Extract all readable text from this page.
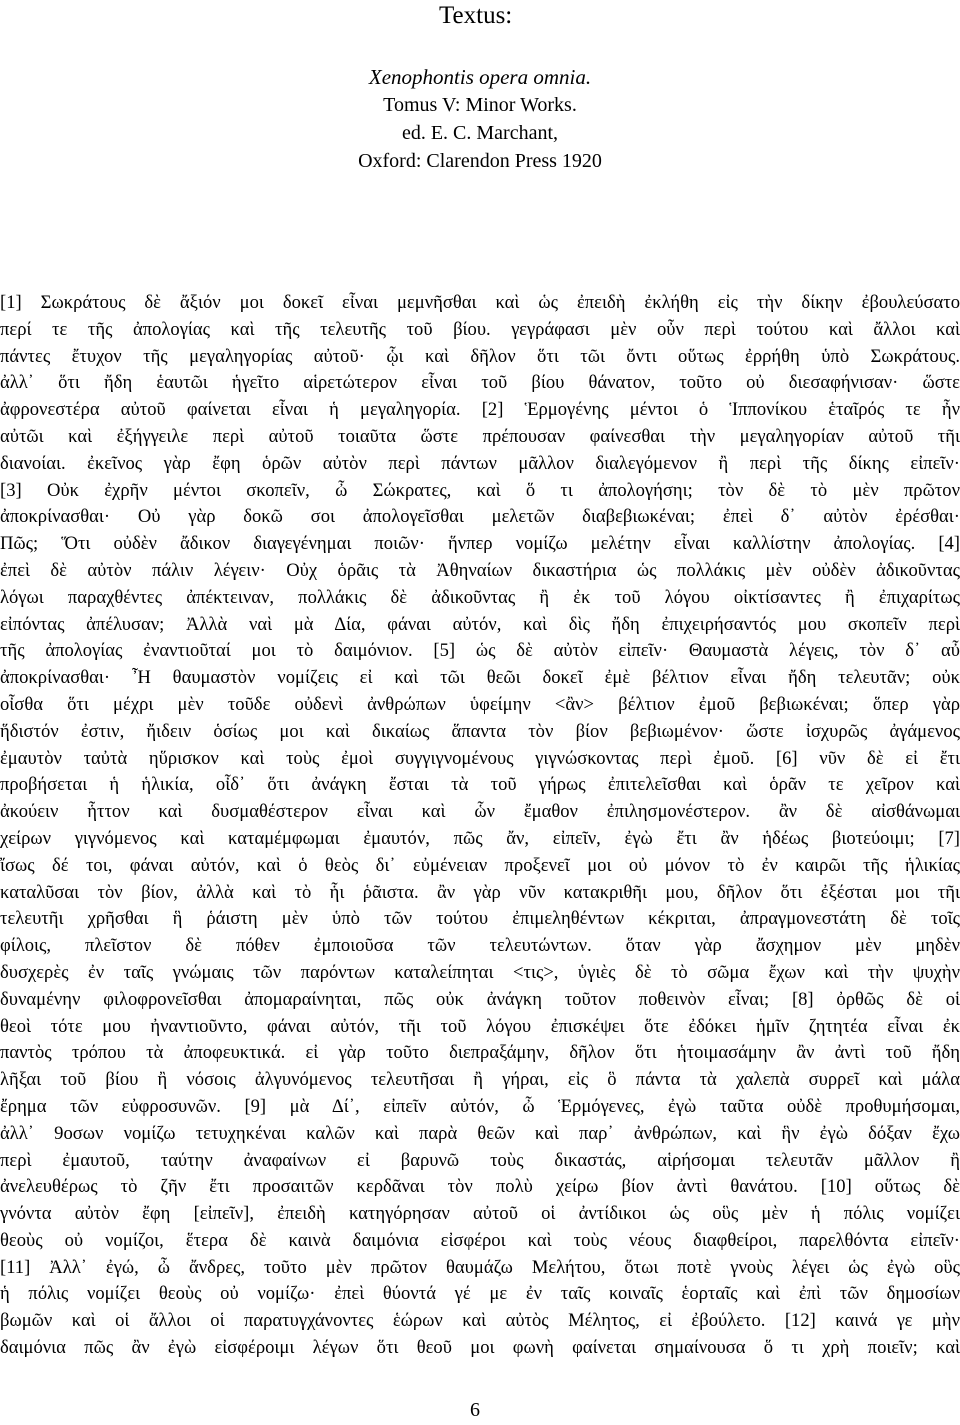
Textus:
Xenophontis opera omnia.
Tomus V: Minor Works.
ed. E. C. Marchant,
Oxford: Clarendon Press 1920
[1] Σωκράτους δὲ ἄξιόν μοι δοκεῖ εἶναι μεμνῆσθαι καὶ ὡς ἐπειδὴ ἐκλήθη εἰς τὴν δίκην ἐβουλεύσατο
περί τε τῆς ἀπολογίας καὶ τῆς τελευτῆς τοῦ βίου. γεγράφασι μὲν οὖν περὶ τούτου καὶ ἄλλοι καὶ
πάντες ἔτυχον τῆς μεγαληγορίας αὐτοῦ· ᾧι καὶ δῆλον ὅτι τῶι ὄντι οὕτως ἐρρήθη ὑπὸ Σωκράτους.
ἀλλ᾽ ὅτι ἤδη ἑαυτῶι ἡγεῖτο αἱρετώτερον εἶναι τοῦ βίου θάνατον, τοῦτο οὐ διεσαφήνισαν· ὥστε
ἀφρονεστέρα αὐτοῦ φαίνεται εἶναι ἡ μεγαληγορία. [2] Ἑρμογένης μέντοι ὁ Ἱππονίκου ἑταῖρός τε ἦν
αὐτῶι καὶ ἐξήγγειλε περὶ αὐτοῦ τοιαῦτα ὥστε πρέπουσαν φαίνεσθαι τὴν μεγαληγορίαν αὐτοῦ τῆι
διανοίαι. ἐκεῖνος γὰρ ἔφη ὁρῶν αὐτὸν περὶ πάντων μᾶλλον διαλεγόμενον ἢ περὶ τῆς δίκης εἰπεῖν·
[3] Οὐκ ἐχρῆν μέντοι σκοπεῖν, ὦ Σώκρατες, καὶ ὅ τι ἀπολογήσηι; τὸν δὲ τὸ μὲν πρῶτον
ἀποκρίνασθαι· Οὐ γὰρ δοκῶ σοι ἀπολογεῖσθαι μελετῶν διαβεβιωκέναι; ἐπεὶ δ᾽ αὐτὸν ἐρέσθαι·
Πῶς; Ὅτι οὐδὲν ἄδικον διαγεγένημαι ποιῶν· ἥνπερ νομίζω μελέτην εἶναι καλλίστην ἀπολογίας. [4]
ἐπεὶ δὲ αὐτὸν πάλιν λέγειν· Οὐχ ὁρᾶις τὰ Ἀθηναίων δικαστήρια ὡς πολλάκις μὲν οὐδὲν ἀδικοῦντας
λόγωι παραχθέντες ἀπέκτειναν, πολλάκις δὲ ἀδικοῦντας ἢ ἐκ τοῦ λόγου οἰκτίσαντες ἢ ἐπιχαρίτως
εἰπόντας ἀπέλυσαν; Ἀλλὰ ναὶ μὰ Δία, φάναι αὐτόν, καὶ δὶς ἤδη ἐπιχειρήσαντός μου σκοπεῖν περὶ
τῆς ἀπολογίας ἐναντιοῦταί μοι τὸ δαιμόνιον. [5] ὡς δὲ αὐτὸν εἰπεῖν· Θαυμαστὰ λέγεις, τὸν δ᾽ αὖ
ἀποκρίνασθαι· Ἦ θαυμαστὸν νομίζεις εἰ καὶ τῶι θεῶι δοκεῖ ἐμὲ βέλτιον εἶναι ἤδη τελευτᾶν; οὐκ
οἶσθα ὅτι μέχρι μὲν τοῦδε οὐδενὶ ἀνθρώπων ὑφείμην <ἂν> βέλτιον ἐμοῦ βεβιωκέναι; ὅπερ γὰρ
ἥδιστόν ἐστιν, ἤιδειν ὁσίως μοι καὶ δικαίως ἅπαντα τὸν βίον βεβιωμένον· ὥστε ἰσχυρῶς ἀγάμενος
ἐμαυτὸν ταὐτὰ ηὕρισκον καὶ τοὺς ἐμοὶ συγγιγνομένους γιγνώσκοντας περὶ ἐμοῦ. [6] νῦν δὲ εἰ ἔτι
προβήσεται ἡ ἡλικία, οἶδ᾽ ὅτι ἀνάγκη ἔσται τὰ τοῦ γήρως ἐπιτελεῖσθαι καὶ ὁρᾶν τε χεῖρον καὶ
ἀκούειν ἧττον καὶ δυσμαθέστερον εἶναι καὶ ὧν ἔμαθον ἐπιλησμονέστερον. ἂν δὲ αἰσθάνωμαι
χείρων γιγνόμενος καὶ καταμέμφωμαι ἐμαυτόν, πῶς ἄν, εἰπεῖν, ἐγὼ ἔτι ἂν ἡδέως βιοτεύοιμι; [7]
ἴσως δέ τοι, φάναι αὐτόν, καὶ ὁ θεὸς δι᾽ εὐμένειαν προξενεῖ μοι οὐ μόνον τὸ ἐν καιρῶι τῆς ἡλικίας
καταλῦσαι τὸν βίον, ἀλλὰ καὶ τὸ ἧι ῥᾶιστα. ἂν γὰρ νῦν κατακριθῆι μου, δῆλον ὅτι ἐξέσται μοι τῆι
τελευτῆι χρῆσθαι ἣ ῥάιστη μὲν ὑπὸ τῶν τούτου ἐπιμεληθέντων κέκριται, ἀπραγμονεστάτη δὲ τοῖς
φίλοις, πλεῖστον δὲ πόθεν ἐμποιοῦσα τῶν τελευτώντων. ὅταν γὰρ ἄσχημον μὲν μηδὲν
δυσχερὲς ἐν ταῖς γνώμαις τῶν παρόντων καταλείπηται <τις>, ὑγιὲς δὲ τὸ σῶμα ἔχων καὶ τὴν ψυχὴν
δυναμένην φιλοφρονεῖσθαι ἀπομαραίνηται, πῶς οὐκ ἀνάγκη τοῦτον ποθεινὸν εἶναι; [8] ὀρθῶς δὲ οἱ
θεοὶ τότε μου ἠναντιοῦντο, φάναι αὐτόν, τῆι τοῦ λόγου ἐπισκέψει ὅτε ἐδόκει ἡμῖν ζητητέα εἶναι ἐκ
παντὸς τρόπου τὰ ἀποφευκτικά. εἰ γὰρ τοῦτο διεπραξάμην, δῆλον ὅτι ἡτοιμασάμην ἂν ἀντὶ τοῦ ἤδη
λῆξαι τοῦ βίου ἢ νόσοις ἀλγυνόμενος τελευτῆσαι ἢ γήραι, εἰς ὃ πάντα τὰ χαλεπὰ συρρεῖ καὶ μάλα
ἔρημα τῶν εὐφροσυνῶν. [9] μὰ Δί᾽, εἰπεῖν αὐτόν, ὦ Ἑρμόγενες, ἐγὼ ταῦτα οὐδὲ προθυμήσομαι,
ἀλλ᾽ 9οσων νομίζω τετυχηκέναι καλῶν καὶ παρὰ θεῶν καὶ παρ᾽ ἀνθρώπων, καὶ ἣν ἐγὼ δόξαν ἔχω
περὶ ἐμαυτοῦ, ταύτην ἀναφαίνων εἰ βαρυνῶ τοὺς δικαστάς, αἱρήσομαι τελευτᾶν μᾶλλον ἢ
ἀνελευθέρως τὸ ζῆν ἔτι προσαιτῶν κερδᾶναι τὸν πολὺ χείρω βίον ἀντὶ θανάτου. [10] οὕτως δὲ
γνόντα αὐτὸν ἔφη [εἰπεῖν], ἐπειδὴ κατηγόρησαν αὐτοῦ οἱ ἀντίδικοι ὡς οὓς μὲν ἡ πόλις νομίζει
θεοὺς οὐ νομίζοι, ἕτερα δὲ καινὰ δαιμόνια εἰσφέροι καὶ τοὺς νέους διαφθείροι, παρελθόντα εἰπεῖν·
[11] Ἀλλ᾽ ἐγώ, ὦ ἄνδρες, τοῦτο μὲν πρῶτον θαυμάζω Μελήτου, ὅτωι ποτὲ γνοὺς λέγει ὡς ἐγὼ οὓς
ἡ πόλις νομίζει θεοὺς οὐ νομίζω· ἐπεὶ θύοντά γέ με ἐν ταῖς κοιναῖς ἑορταῖς καὶ ἐπὶ τῶν δημοσίων
βωμῶν καὶ οἱ ἄλλοι οἱ παρατυγχάνοντες ἑώρων καὶ αὐτὸς Μέλητος, εἰ ἐβούλετο. [12] καινά γε μὴν
δαιμόνια πῶς ἂν ἐγὼ εἰσφέροιμι λέγων ὅτι θεοῦ μοι φωνὴ φαίνεται σημαίνουσα ὅ τι χρὴ ποιεῖν; καὶ
6
